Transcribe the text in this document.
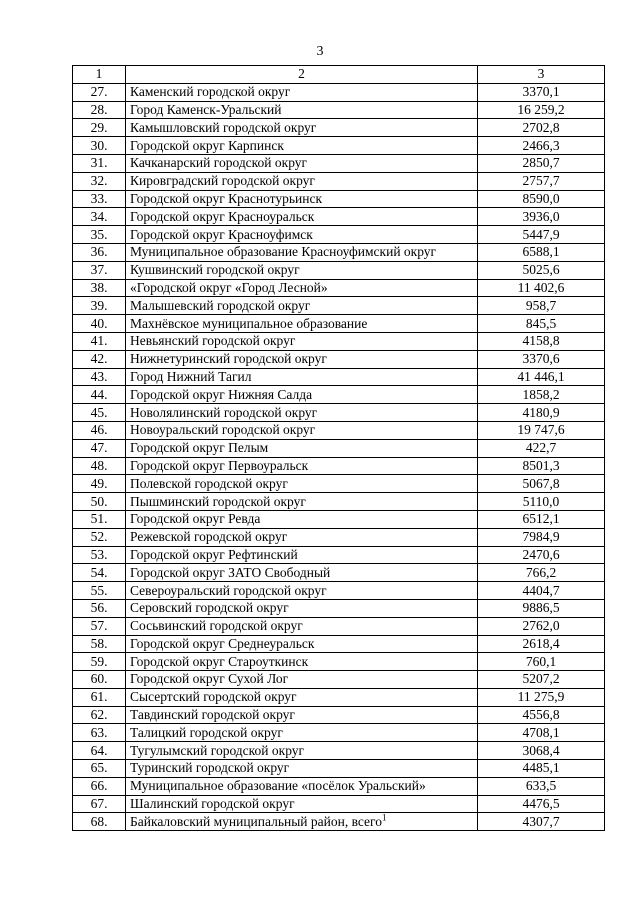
3
1	2	3
27.	Каменский городской округ	3370,1
28.	Город Каменск-Уральский	16 259,2
29.	Камышловский городской округ	2702,8
30.	Городской округ Карпинск	2466,3
31.	Качканарский городской округ	2850,7
32.	Кировградский городской округ	2757,7
33.	Городской округ Краснотурьинск	8590,0
34.	Городской округ Красноуральск	3936,0
35.	Городской округ Красноуфимск	5447,9
36.	Муниципальное образование Красноуфимский округ	6588,1
37.	Кушвинский городской округ	5025,6
38.	«Городской округ «Город Лесной»	11 402,6
39.	Малышевский городской округ	958,7
40.	Махнёвское муниципальное образование	845,5
41.	Невьянский городской округ	4158,8
42.	Нижнетуринский городской округ	3370,6
43.	Город Нижний Тагил	41 446,1
44.	Городской округ Нижняя Салда	1858,2
45.	Новолялинский городской округ	4180,9
46.	Новоуральский городской округ	19 747,6
47.	Городской округ Пелым	422,7
48.	Городской округ Первоуральск	8501,3
49.	Полевской городской округ	5067,8
50.	Пышминский городской округ	5110,0
51.	Городской округ Ревда	6512,1
52.	Режевской городской округ	7984,9
53.	Городской округ Рефтинский	2470,6
54.	Городской округ ЗАТО Свободный	766,2
55.	Североуральский городской округ	4404,7
56.	Серовский городской округ	9886,5
57.	Сосьвинский городской округ	2762,0
58.	Городской округ Среднеуральск	2618,4
59.	Городской округ Староуткинск	760,1
60.	Городской округ Сухой Лог	5207,2
61.	Сысертский городской округ	11 275,9
62.	Тавдинский городской округ	4556,8
63.	Талицкий городской округ	4708,1
64.	Тугулымский городской округ	3068,4
65.	Туринский городской округ	4485,1
66.	Муниципальное образование «посёлок Уральский»	633,5
67.	Шалинский городской округ	4476,5
68.	Байкаловский муниципальный район, всего$^1$	4307,7
